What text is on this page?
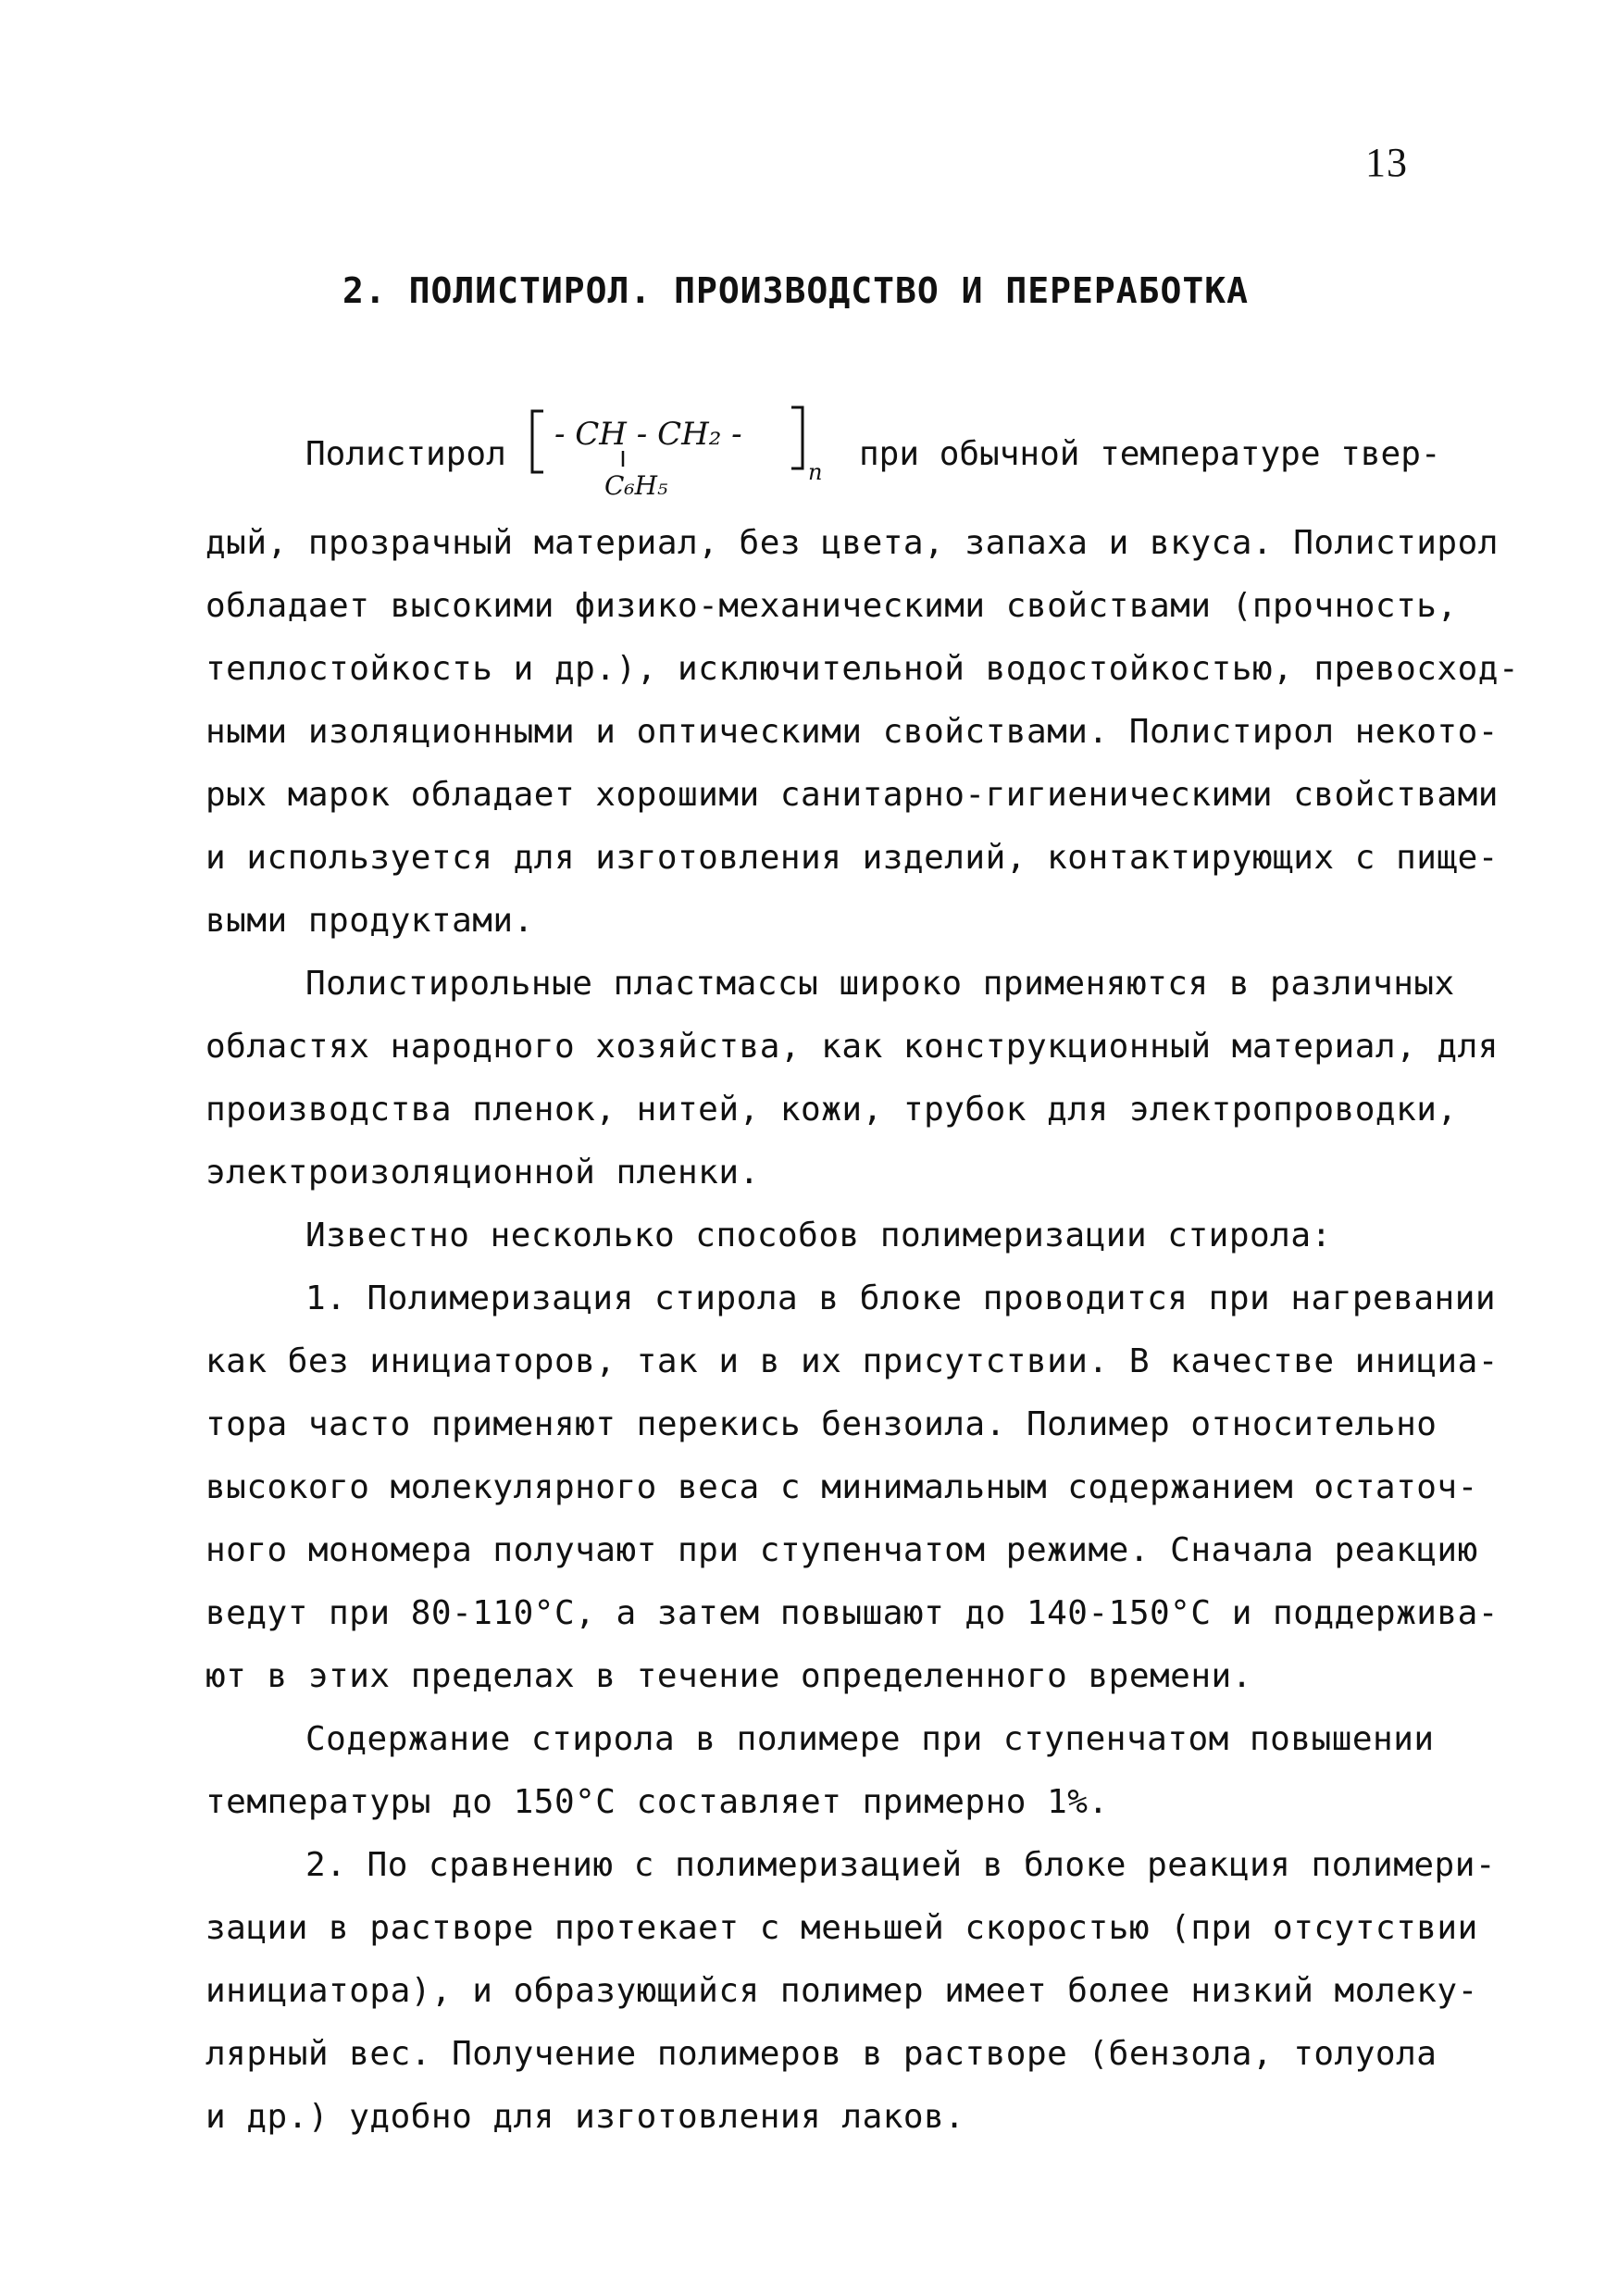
13
2. ПОЛИСТИРОЛ. ПРОИЗВОДСТВО И ПЕРЕРАБОТКА
Полистирол
- CH - CH₂ -
C₆H₅	n при обычной температуре твер-
дый, прозрачный материал, без цвета, запаха и вкуса. Полистирол
обладает высокими физико-механическими свойствами (прочность,
теплостойкость и др.), исключительной водостойкостью, превосход-
ными изоляционными и оптическими свойствами. Полистирол некото-
рых марок обладает хорошими санитарно-гигиеническими свойствами
и используется для изготовления изделий, контактирующих с пище-
выми продуктами.
Полистирольные пластмассы широко применяются в различных
областях народного хозяйства, как конструкционный материал, для
производства пленок, нитей, кожи, трубок для электропроводки,
электроизоляционной пленки.
Известно несколько способов полимеризации стирола:
1. Полимеризация стирола в блоке проводится при нагревании
как без инициаторов, так и в их присутствии. В качестве инициа-
тора часто применяют перекись бензоила. Полимер относительно
высокого молекулярного веса с минимальным содержанием остаточ-
ного мономера получают при ступенчатом режиме. Сначала реакцию
ведут при 80-110°С, а затем повышают до 140-150°С и поддержива-
ют в этих пределах в течение определенного времени.
Содержание стирола в полимере при ступенчатом повышении
температуры до 150°С составляет примерно 1%.
2. По сравнению с полимеризацией в блоке реакция полимери-
зации в растворе протекает с меньшей скоростью (при отсутствии
инициатора), и образующийся полимер имеет более низкий молеку-
лярный вес. Получение полимеров в растворе (бензола, толуола
и др.) удобно для изготовления лаков.
